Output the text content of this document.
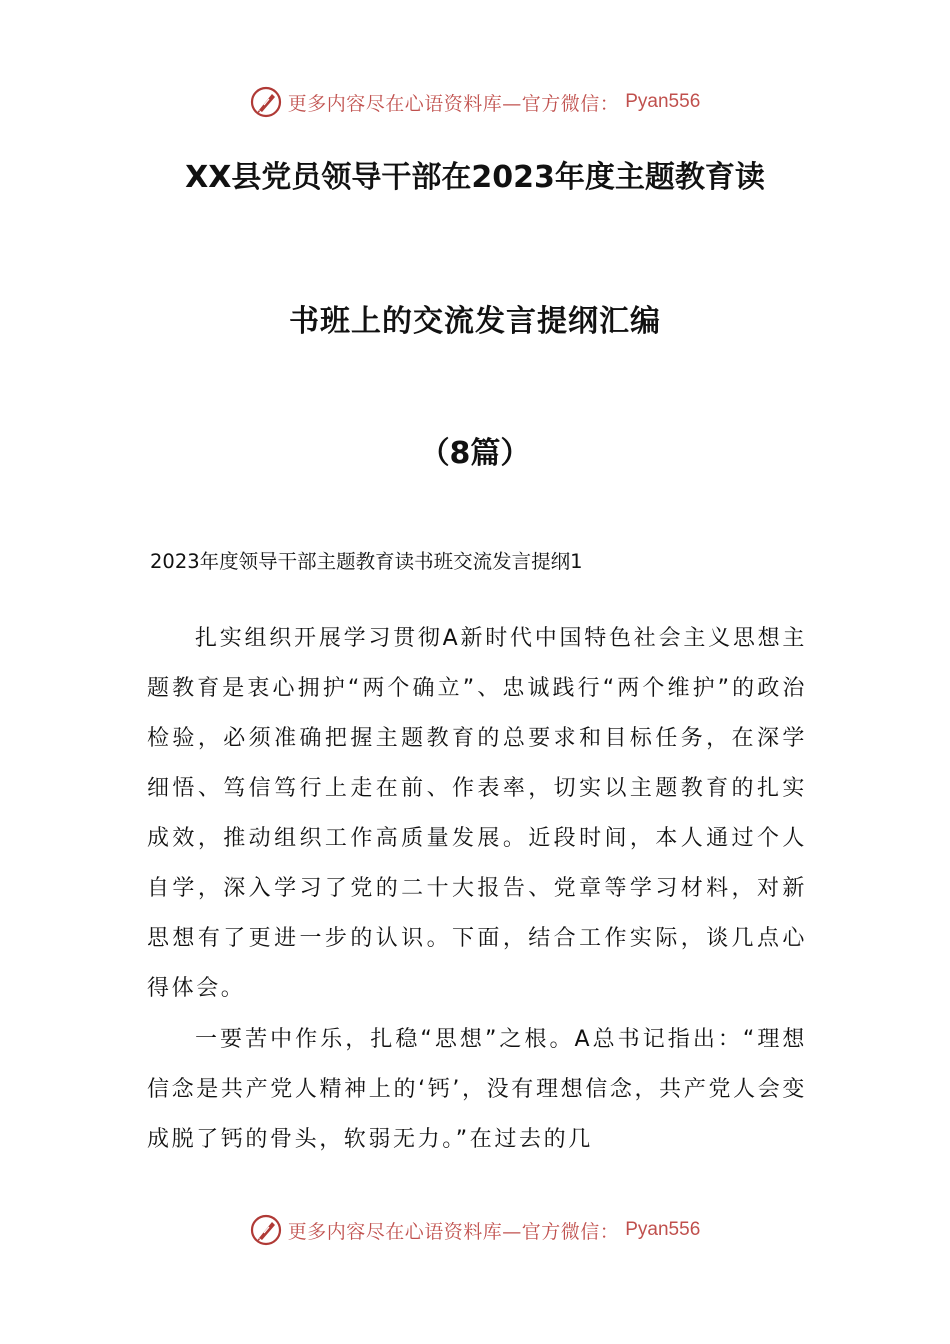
更多内容尽在心语资料库—官方微信： Pyan556
XX县党员领导干部在2023年度主题教育读
书班上的交流发言提纲汇编
（8篇）
2023年度领导干部主题教育读书班交流发言提纲1

扎实组织开展学习贯彻A新时代中国特色社会主义思想主题教育是衷心拥护“两个确立”、忠诚践行“两个维护”的政治检验，必须准确把握主题教育的总要求和目标任务，在深学细悟、笃信笃行上走在前、作表率，切实以主题教育的扎实成效，推动组织工作高质量发展。近段时间，本人通过个人自学，深入学习了党的二十大报告、党章等学习材料，对新思想有了更进一步的认识。下面，结合工作实际，谈几点心得体会。

一要苦中作乐，扎稳“思想”之根。A总书记指出：“理想信念是共产党人精神上的‘钙’，没有理想信念，共产党人会变成脱了钙的骨头，软弱无力。”在过去的几

更多内容尽在心语资料库—官方微信： Pyan556
